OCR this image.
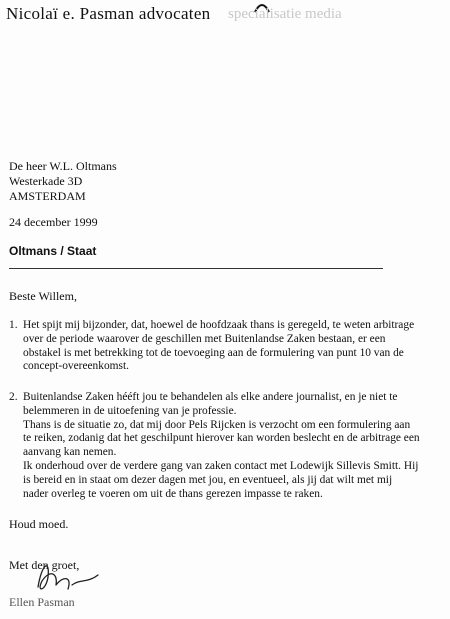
Nicolaï e. Pasman advocaten specialisatie media
De heer W.L. Oltmans
Westerkade 3D
AMSTERDAM
24 december 1999
Oltmans / Staat
Beste Willem,
1. Het spijt mij bijzonder, dat, hoewel de hoofdzaak thans is geregeld, te weten arbitrage
over de periode waarover de geschillen met Buitenlandse Zaken bestaan, er een
obstakel is met betrekking tot de toevoeging aan de formulering van punt 10 van de
concept-overeenkomst.
2. Buitenlandse Zaken hééft jou te behandelen als elke andere journalist, en je niet te
belemmeren in de uitoefening van je professie.
Thans is de situatie zo, dat mij door Pels Rijcken is verzocht om een formulering aan
te reiken, zodanig dat het geschilpunt hierover kan worden beslecht en de arbitrage een
aanvang kan nemen.
Ik onderhoud over de verdere gang van zaken contact met Lodewijk Sillevis Smitt. Hij
is bereid en in staat om dezer dagen met jou, en eventueel, als jij dat wilt met mij
nader overleg te voeren om uit de thans gerezen impasse te raken.
Houd moed.
Met den groet,
Ellen Pasman
